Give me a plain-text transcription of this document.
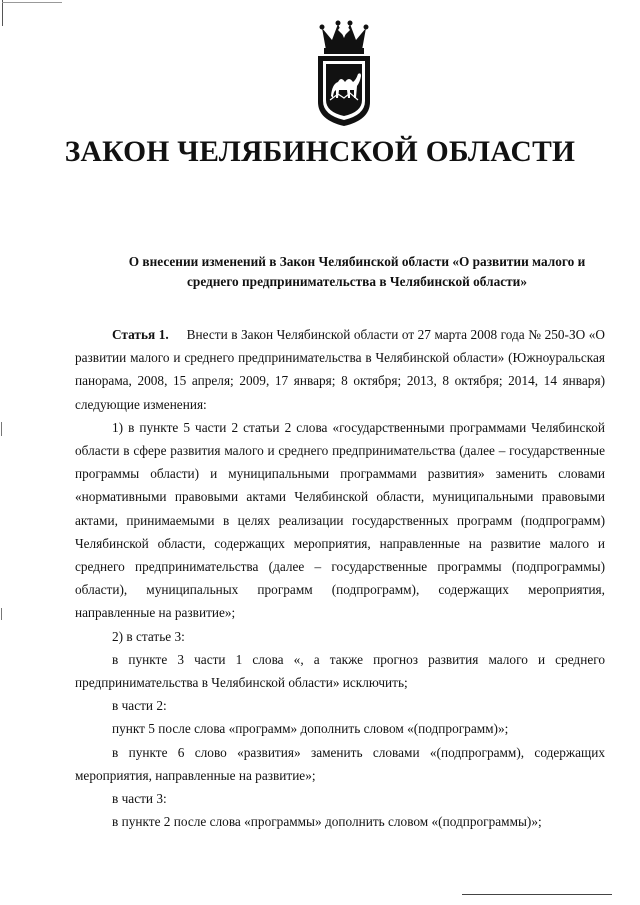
ЗАКОН ЧЕЛЯБИНСКОЙ ОБЛАСТИ
О внесении изменений в Закон Челябинской области «О развитии малого и
среднего предпринимательства в Челябинской области»

Статья 1. Внести в Закон Челябинской области от 27 марта 2008 года № 250-ЗО «О развитии малого и среднего предпринимательства в Челябинской области» (Южноуральская панорама, 2008, 15 апреля; 2009, 17 января; 8 октября; 2013, 8 октября; 2014, 14 января) следующие изменения:

1) в пункте 5 части 2 статьи 2 слова «государственными программами Челябинской области в сфере развития малого и среднего предпринимательства (далее – государственные программы области) и муниципальными программами развития» заменить словами «нормативными правовыми актами Челябинской области, муниципальными правовыми актами, принимаемыми в целях реализации государственных программ (подпрограмм) Челябинской области, содержащих мероприятия, направленные на развитие малого и среднего предпринимательства (далее – государственные программы (подпрограммы) области), муниципальных программ (подпрограмм), содержащих мероприятия, направленные на развитие»;

2) в статье 3:

в пункте 3 части 1 слова «, а также прогноз развития малого и среднего предпринимательства в Челябинской области» исключить;

в части 2:

пункт 5 после слова «программ» дополнить словом «(подпрограмм)»;

в пункте 6 слово «развития» заменить словами «(подпрограмм), содержащих мероприятия, направленные на развитие»;

в части 3:

в пункте 2 после слова «программы» дополнить словом «(подпрограммы)»;
